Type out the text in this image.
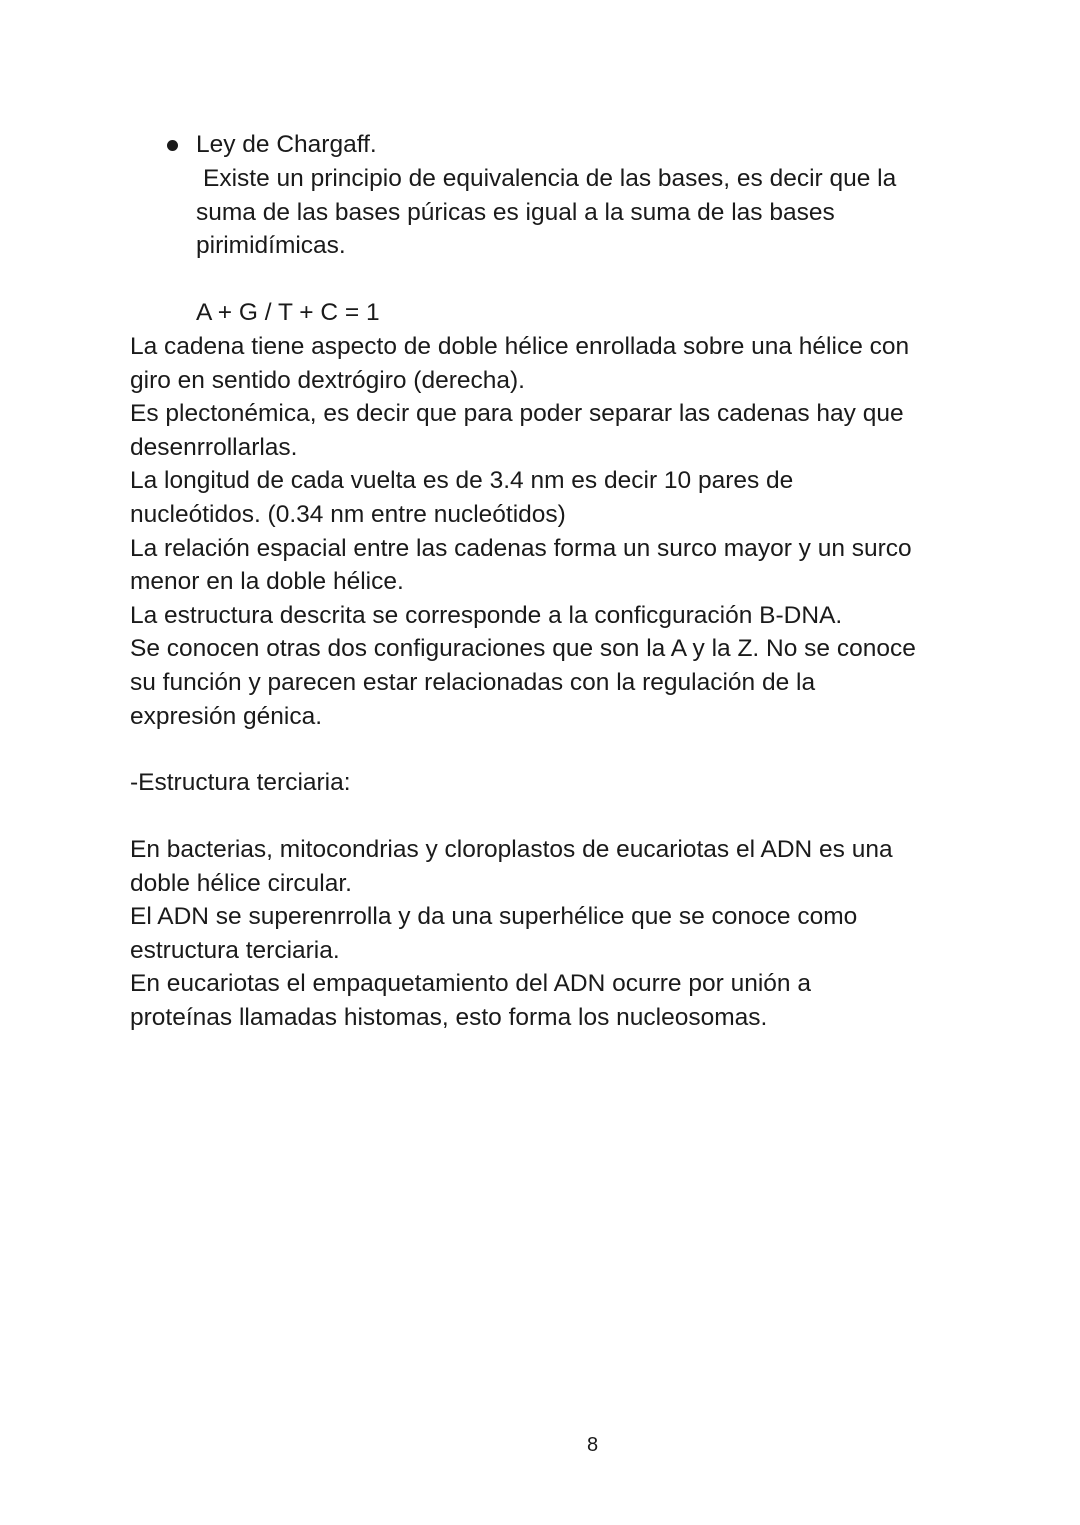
Ley de Chargaff.

Existe un principio de equivalencia de las bases, es decir que la

suma de las bases púricas es igual a la suma de las bases

pirimidímicas.

A + G / T + C = 1

La cadena tiene aspecto de doble hélice enrollada sobre una hélice con

giro en sentido dextrógiro (derecha).

Es plectonémica, es decir que para poder separar las cadenas hay que

desenrrollarlas.

La longitud de cada vuelta es de 3.4 nm es decir 10 pares de

nucleótidos. (0.34 nm entre nucleótidos)

La relación espacial entre las cadenas forma un surco mayor y un surco

menor en la doble hélice.

La estructura descrita se corresponde a la conficguración B-DNA.

Se conocen otras dos configuraciones que son la A y la Z. No se conoce

su función y parecen estar relacionadas con la regulación de la

expresión génica.

-Estructura terciaria:

En bacterias, mitocondrias y cloroplastos de eucariotas el ADN es una

doble hélice circular.

El ADN se superenrrolla y da una superhélice que se conoce como

estructura terciaria.

En eucariotas el empaquetamiento del ADN ocurre por unión a

proteínas llamadas histomas, esto forma los nucleosomas.

8
